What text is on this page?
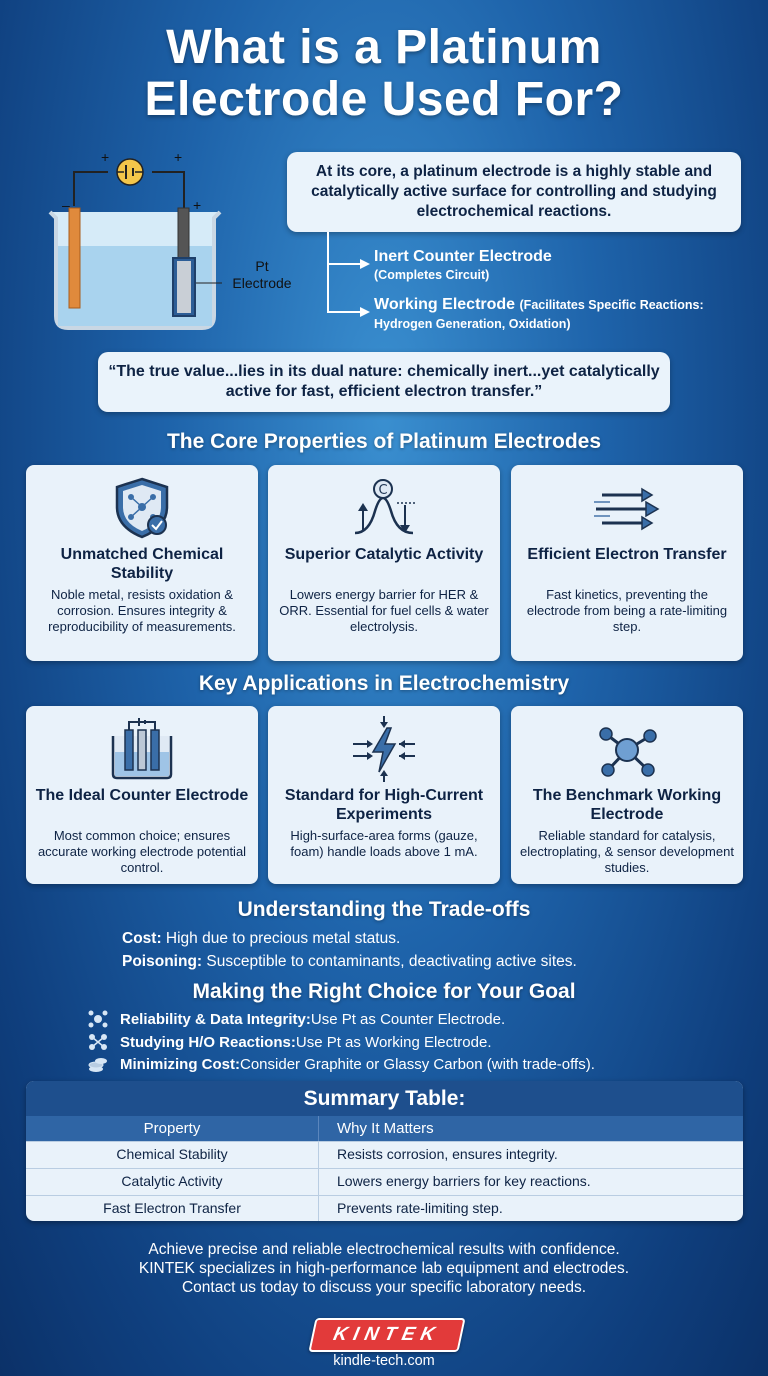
What is a Platinum
Electrode Used For?
+	+
–	+
Pt
Electrode
At its core, a platinum electrode is a highly stable and catalytically active surface for controlling and studying electrochemical reactions.
Inert Counter Electrode
(Completes Circuit)
Working Electrode (Facilitates Specific Reactions:
Hydrogen Generation, Oxidation)
“The true value...lies in its dual nature: chemically inert...yet catalytically active for fast, efficient electron transfer.”
The Core Properties of Platinum Electrodes
Unmatched Chemical Stability
Noble metal, resists oxidation & corrosion. Ensures integrity & reproducibility of measurements.
C
Superior Catalytic Activity
Lowers energy barrier for HER & ORR. Essential for fuel cells & water electrolysis.
Efficient Electron Transfer
Fast kinetics, preventing the electrode from being a rate-limiting step.
Key Applications in Electrochemistry
The Ideal Counter Electrode
Most common choice; ensures accurate working electrode potential control.
Standard for High-Current Experiments
High-surface-area forms (gauze, foam) handle loads above 1 mA.
The Benchmark Working Electrode
Reliable standard for catalysis, electroplating, & sensor development studies.
Understanding the Trade-offs
Cost: High due to precious metal status.
Poisoning: Susceptible to contaminants, deactivating active sites.
Making the Right Choice for Your Goal
Reliability & Data Integrity: Use Pt as Counter Electrode.
Studying H/O Reactions: Use Pt as Working Electrode.
Minimizing Cost: Consider Graphite or Glassy Carbon (with trade-offs).
Summary Table:
Property	Why It Matters
Chemical Stability	Resists corrosion, ensures integrity.
Catalytic Activity	Lowers energy barriers for key reactions.
Fast Electron Transfer	Prevents rate-limiting step.
Achieve precise and reliable electrochemical results with confidence.
KINTEK specializes in high-performance lab equipment and electrodes.
Contact us today to discuss your specific laboratory needs.
KINTEK
kindle-tech.com
